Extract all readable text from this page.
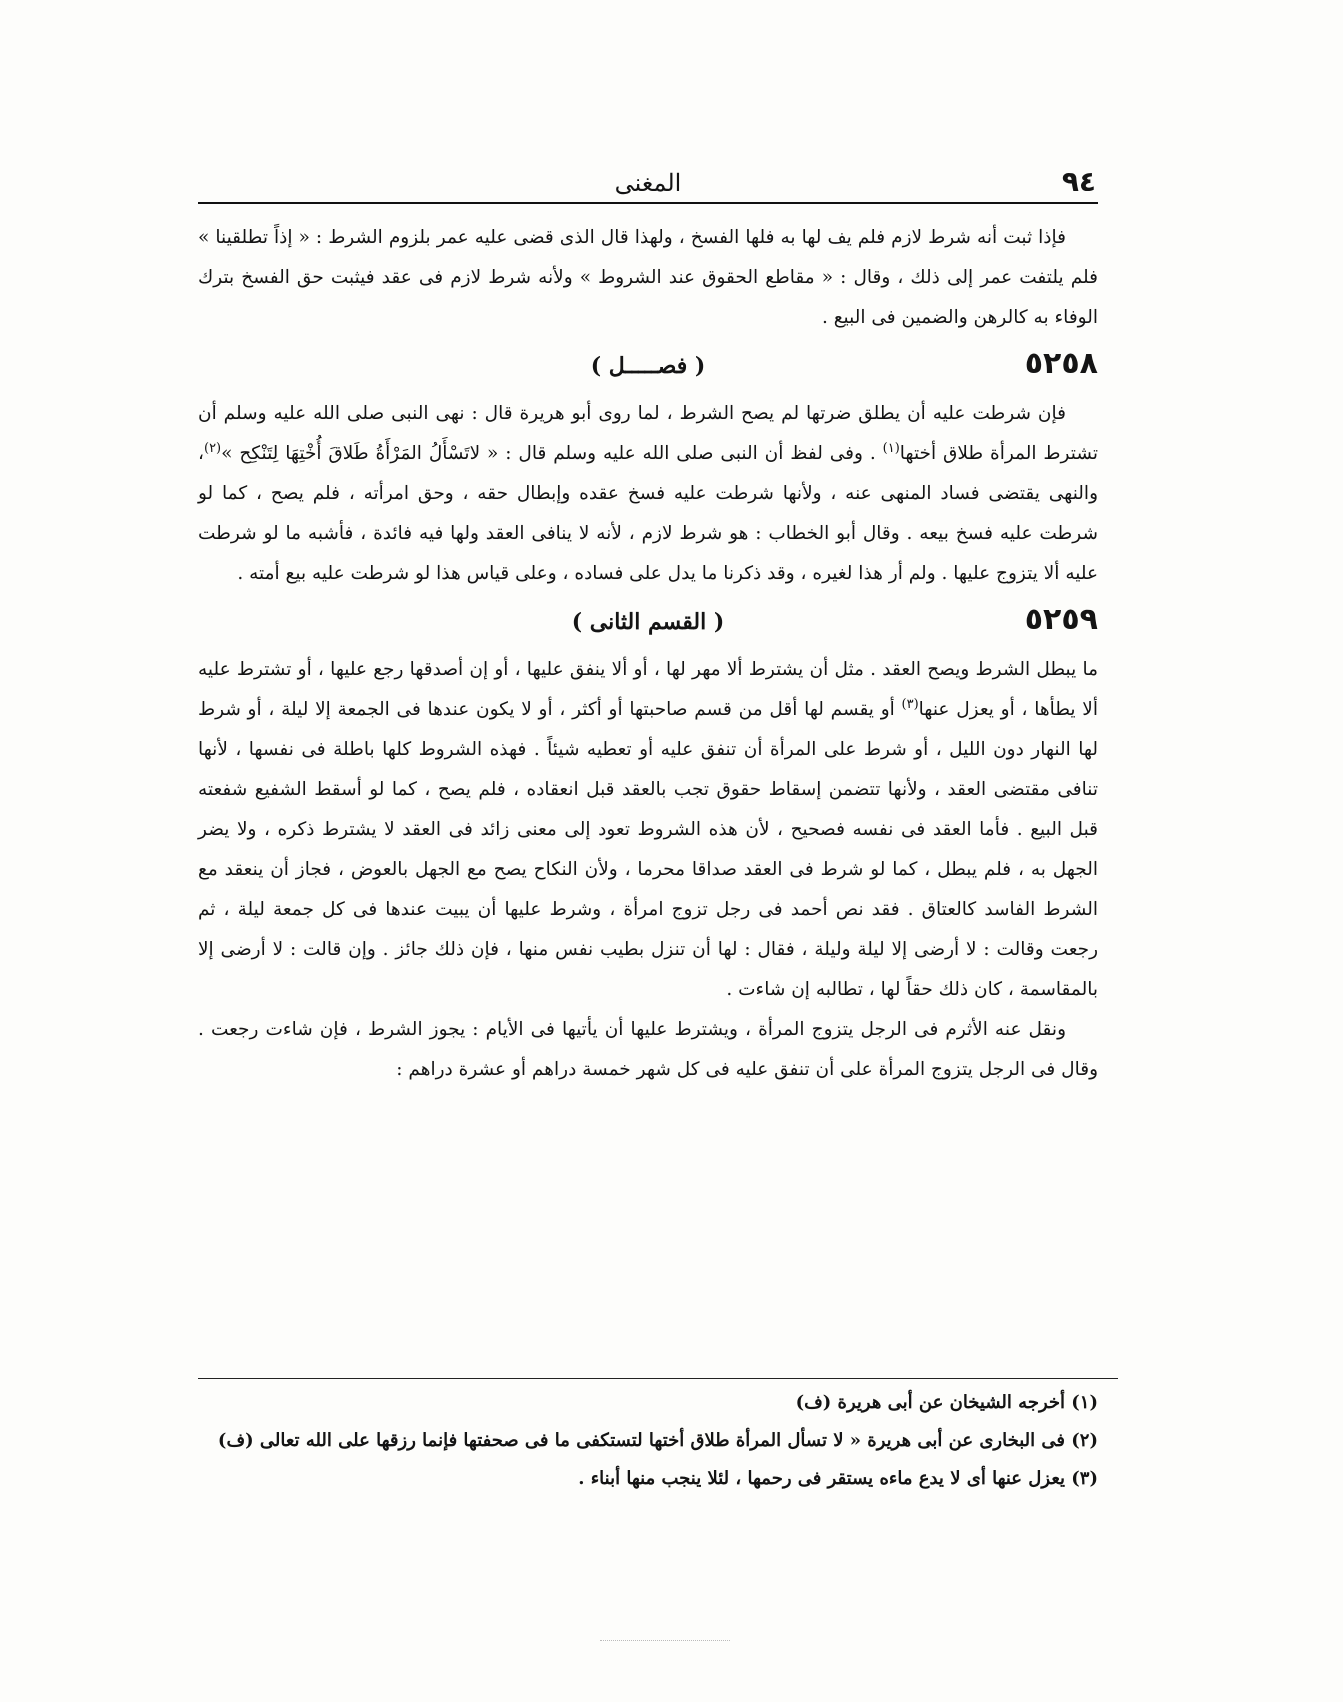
٩٤
المغنى

فإذا ثبت أنه شرط لازم فلم يف لها به فلها الفسخ ، ولهذا قال الذى قضى عليه عمر بلزوم الشرط : « إذاً تطلقينا » فلم يلتفت عمر إلى ذلك ، وقال : « مقاطع الحقوق عند الشروط » ولأنه شرط لازم فى عقد فيثبت حق الفسخ بترك الوفاء به كالرهن والضمين فى البيع .

٥٢٥٨
( فصـــــل )

فإن شرطت عليه أن يطلق ضرتها لم يصح الشرط ، لما روى أبو هريرة قال : نهى النبى صلى الله عليه وسلم أن تشترط المرأة طلاق أختها$^{(١)}$ . وفى لفظ أن النبى صلى الله عليه وسلم قال : « لاتَسْأَلُ المَرْأَةُ طَلاقَ أُخْتِهَا لِتَنْكِح »$^{(٢)}$، والنهى يقتضى فساد المنهى عنه ، ولأنها شرطت عليه فسخ عقده وإبطال حقه ، وحق امرأته ، فلم يصح ، كما لو شرطت عليه فسخ بيعه . وقال أبو الخطاب : هو شرط لازم ، لأنه لا ينافى العقد ولها فيه فائدة ، فأشبه ما لو شرطت عليه ألا يتزوج عليها . ولم أر هذا لغيره ، وقد ذكرنا ما يدل على فساده ، وعلى قياس هذا لو شرطت عليه بيع أمته .

٥٢٥٩
( القسم الثانى )

ما يبطل الشرط ويصح العقد . مثل أن يشترط ألا مهر لها ، أو ألا ينفق عليها ، أو إن أصدقها رجع عليها ، أو تشترط عليه ألا يطأها ، أو يعزل عنها$^{(٣)}$ أو يقسم لها أقل من قسم صاحبتها أو أكثر ، أو لا يكون عندها فى الجمعة إلا ليلة ، أو شرط لها النهار دون الليل ، أو شرط على المرأة أن تنفق عليه أو تعطيه شيئاً . فهذه الشروط كلها باطلة فى نفسها ، لأنها تنافى مقتضى العقد ، ولأنها تتضمن إسقاط حقوق تجب بالعقد قبل انعقاده ، فلم يصح ، كما لو أسقط الشفيع شفعته قبل البيع . فأما العقد فى نفسه فصحيح ، لأن هذه الشروط تعود إلى معنى زائد فى العقد لا يشترط ذكره ، ولا يضر الجهل به ، فلم يبطل ، كما لو شرط فى العقد صداقا محرما ، ولأن النكاح يصح مع الجهل بالعوض ، فجاز أن ينعقد مع الشرط الفاسد كالعتاق . فقد نص أحمد فى رجل تزوج امرأة ، وشرط عليها أن يبيت عندها فى كل جمعة ليلة ، ثم رجعت وقالت : لا أرضى إلا ليلة وليلة ، فقال : لها أن تنزل بطيب نفس منها ، فإن ذلك جائز . وإن قالت : لا أرضى إلا بالمقاسمة ، كان ذلك حقاً لها ، تطالبه إن شاءت .

ونقل عنه الأثرم فى الرجل يتزوج المرأة ، ويشترط عليها أن يأتيها فى الأيام : يجوز الشرط ، فإن شاءت رجعت . وقال فى الرجل يتزوج المرأة على أن تنفق عليه فى كل شهر خمسة دراهم أو عشرة دراهم :

(١) أخرجه الشيخان عن أبى هريرة (ف)

(٢) فى البخارى عن أبى هريرة « لا تسأل المرأة طلاق أختها لتستكفى ما فى صحفتها فإنما رزقها على الله تعالى (ف)

(٣) يعزل عنها أى لا يدع ماءه يستقر فى رحمها ، لئلا ينجب منها أبناء .
